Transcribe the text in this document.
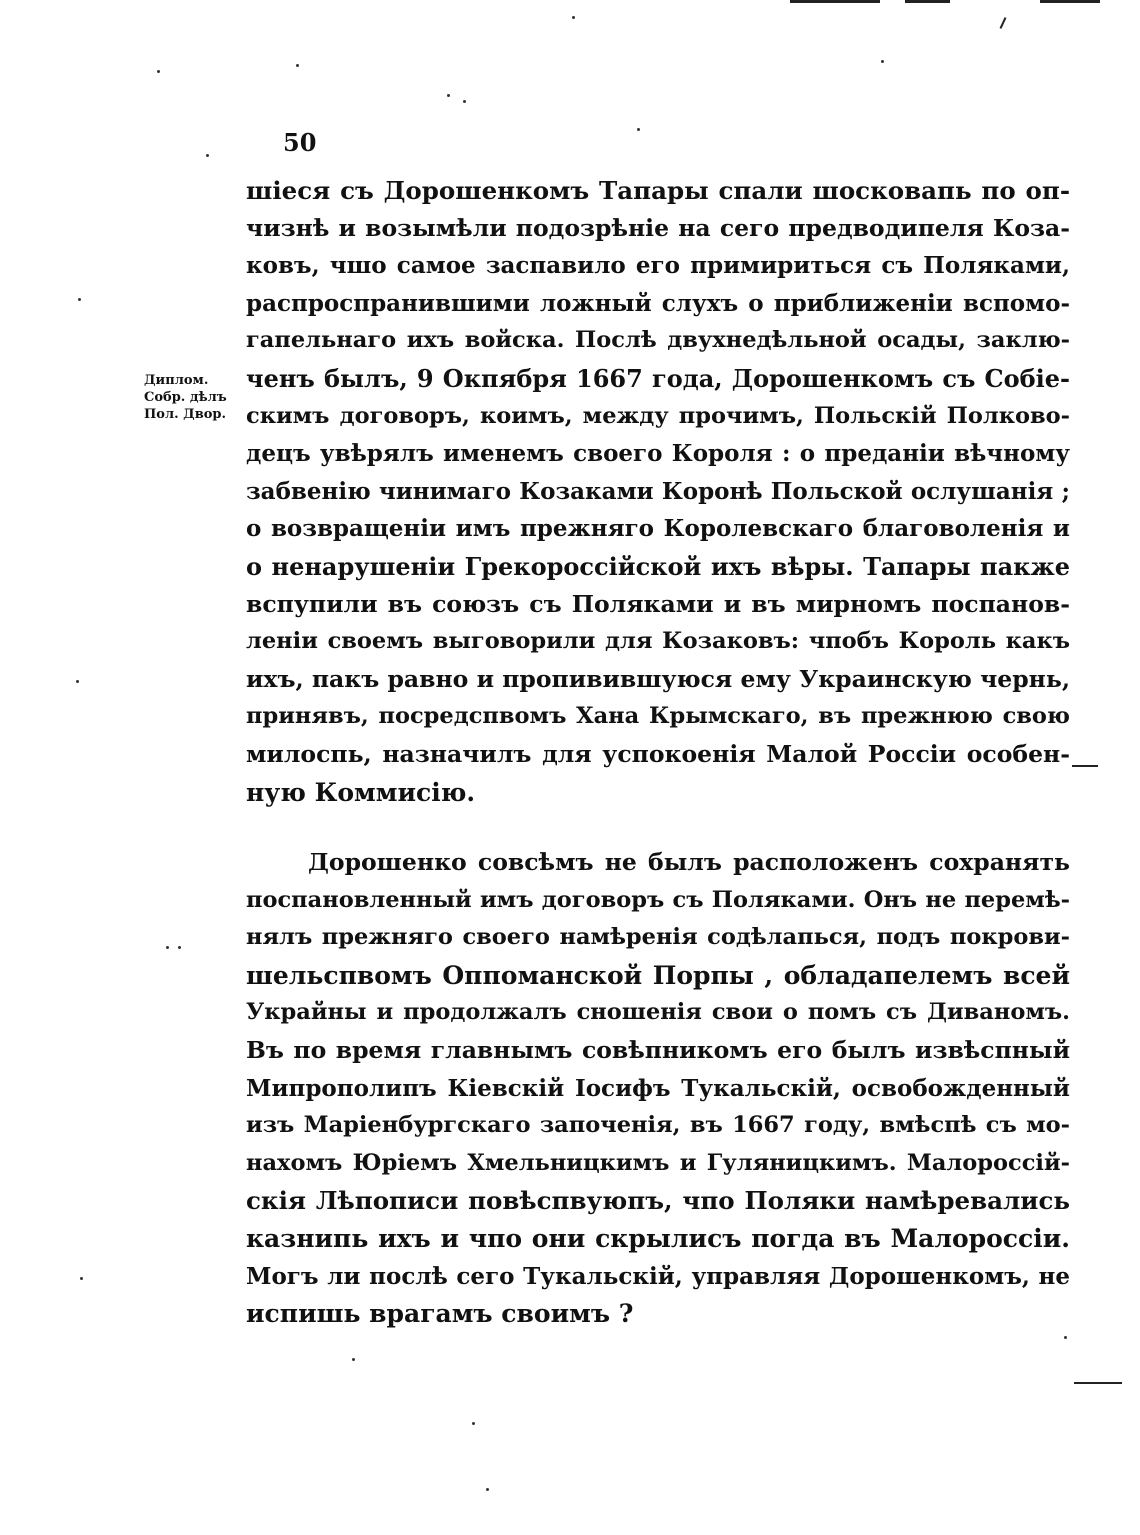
50
Диплом.
Собр. дѣлъ
Пол. Двор.
шіеся съ Дорошенкомъ Тапары спали шосковапь по оп-
чизнѣ и возымѣли подозрѣніе на сего предводипеля Коза-
ковъ, чшо самое заспавило его примириться съ Поляками,
распроспранившими ложный слухъ о приближеніи вспомо-
гапельнаго ихъ войска. Послѣ двухнедѣльной осады, заклю-
ченъ былъ, 9 Окпября 1667 года, Дорошенкомъ съ Собіе-
скимъ договоръ, коимъ, между прочимъ, Польскій Полково-
децъ увѣрялъ именемъ своего Короля : о преданіи вѣчному
забвенію чинимаго Козаками Коронѣ Польской ослушанія ;
о возвращеніи имъ прежняго Королевскаго благоволенія и
о ненарушеніи Грекороссійской ихъ вѣры. Тапары пакже
вспупили въ союзъ съ Поляками и въ мирномъ поспанов-
леніи своемъ выговорили для Козаковъ: чпобъ Король какъ
ихъ, пакъ равно и пропивившуюся ему Украинскую чернь,
принявъ, посредспвомъ Хана Крымскаго, въ прежнюю свою
милоспь, назначилъ для успокоенія Малой Россіи особен-
ную Коммисію.
Дорошенко совсѣмъ не былъ расположенъ сохранять
поспановленный имъ договоръ съ Поляками. Онъ не перемѣ-
нялъ прежняго своего намѣренія содѣлапься, подъ покрови-
шельспвомъ Оппоманской Порпы , обладапелемъ всей
Украйны и продолжалъ сношенія свои о помъ съ Диваномъ.
Въ по время главнымъ совѣпникомъ его былъ извѣспный
Мипрополипъ Кіевскій Іосифъ Тукальскій, освобожденный
изъ Маріенбургскаго започенія, въ 1667 году, вмѣспѣ съ мо-
нахомъ Юріемъ Хмельницкимъ и Гуляницкимъ. Малороссій-
скія Лѣпописи повѣспвуюпъ, чпо Поляки намѣревались
казнипь ихъ и чпо они скрылисъ погда въ Малороссіи.
Могъ ли послѣ сего Тукальскій, управляя Дорошенкомъ, не
испишь врагамъ своимъ ?
